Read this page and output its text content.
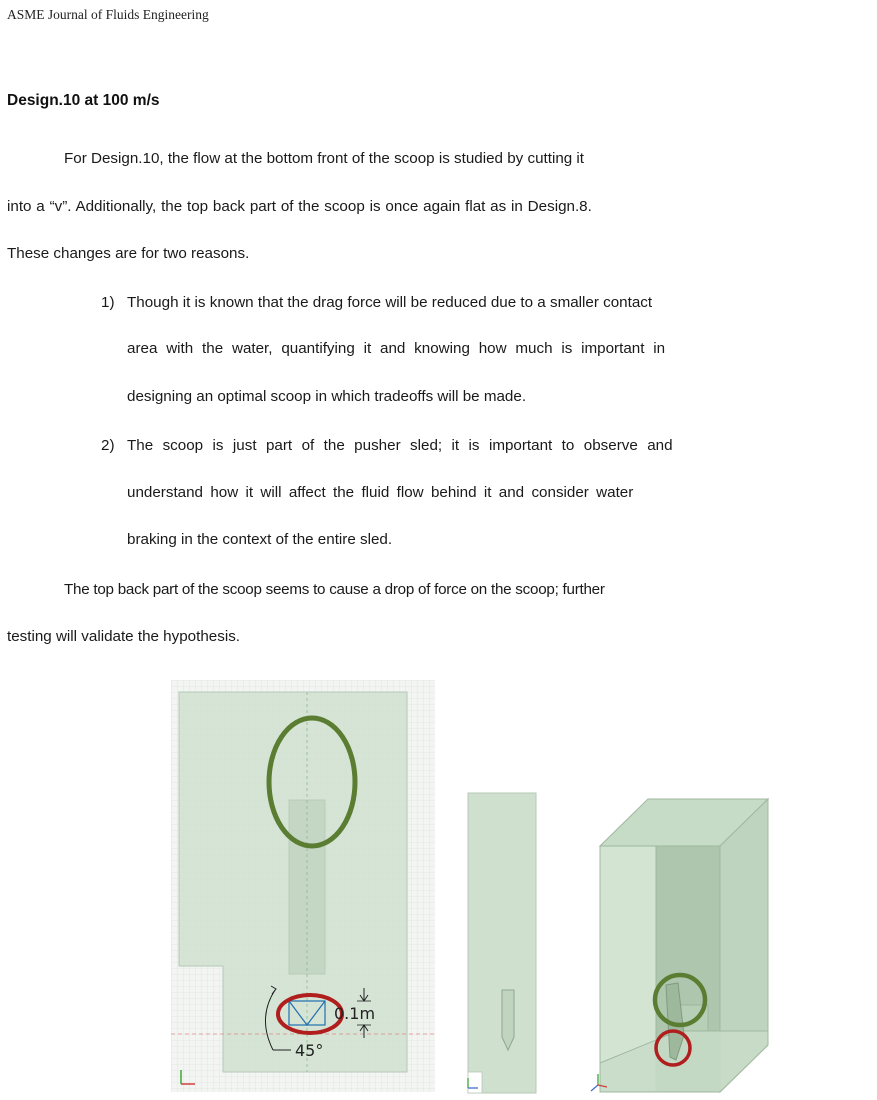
ASME Journal of Fluids Engineering
Design.10 at 100 m/s
For Design.10, the flow at the bottom front of the scoop is studied by cutting it
into a “v”. Additionally, the top back part of the scoop is once again flat as in Design.8.
These changes are for two reasons.
1) Though it is known that the drag force will be reduced due to a smaller contact
area with the water, quantifying it and knowing how much is important in
designing an optimal scoop in which tradeoffs will be made.
2) The scoop is just part of the pusher sled; it is important to observe and
understand how it will affect the fluid flow behind it and consider water
braking in the context of the entire sled.
The top back part of the scoop seems to cause a drop of force on the scoop; further
testing will validate the hypothesis.
0.1m
45°
